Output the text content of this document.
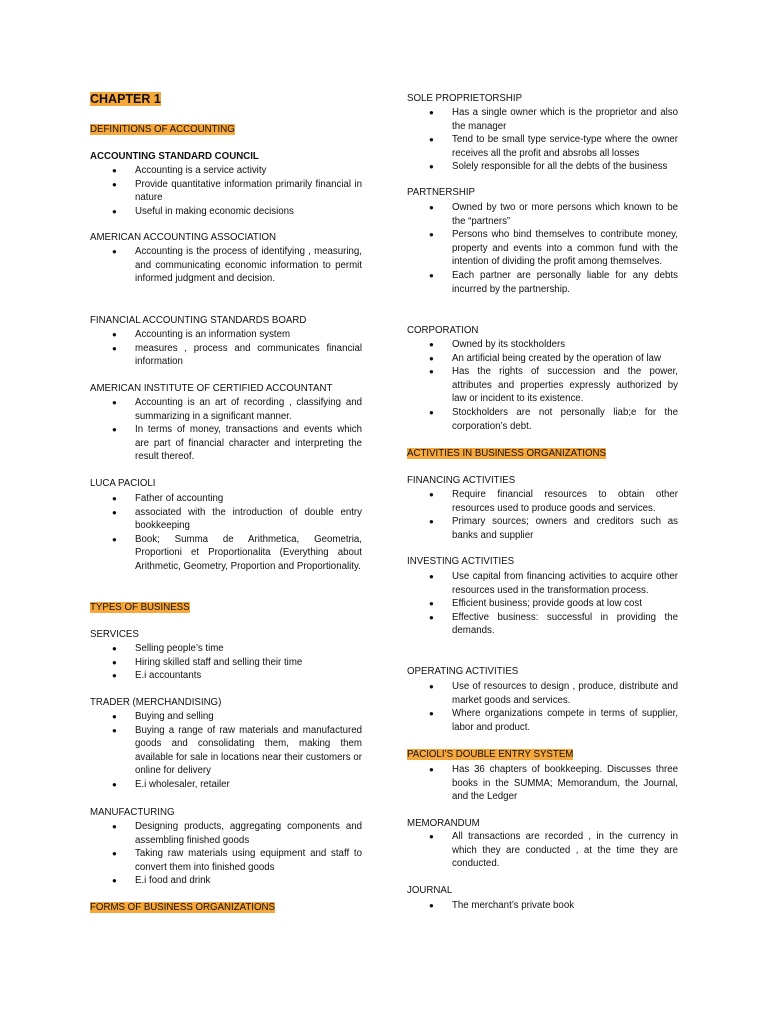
CHAPTER 1
DEFINITIONS OF ACCOUNTING
ACCOUNTING STANDARD COUNCIL
● Accounting is a service activity
● Provide quantitative information primarily financial in nature
● Useful in making economic decisions
AMERICAN ACCOUNTING ASSOCIATION
● Accounting is the process of identifying , measuring, and communicating economic information to permit informed judgment and decision.
FINANCIAL ACCOUNTING STANDARDS BOARD
● Accounting is an information system
● measures , process and communicates financial information
AMERICAN INSTITUTE OF CERTIFIED ACCOUNTANT
● Accounting is an art of recording , classifying and summarizing in a significant manner.
● In terms of money, transactions and events which are part of financial character and interpreting the result thereof.
LUCA PACIOLI
● Father of accounting
● associated with the introduction of double entry bookkeeping
● Book; Summa de Arithmetica, Geometria, Proportioni et Proportionalita (Everything about Arithmetic, Geometry, Proportion and Proportionality.
TYPES OF BUSINESS
SERVICES
● Selling people’s time
● Hiring skilled staff and selling their time
● E.i accountants
TRADER (MERCHANDISING)
● Buying and selling
● Buying a range of raw materials and manufactured goods and consolidating them, making them available for sale in locations near their customers or online for delivery
● E.i wholesaler, retailer
MANUFACTURING
● Designing products, aggregating components and assembling finished goods
● Taking raw materials using equipment and staff to convert them into finished goods
● E.i food and drink
FORMS OF BUSINESS ORGANIZATIONS
SOLE PROPRIETORSHIP
● Has a single owner which is the proprietor and also the manager
● Tend to be small type service-type where the owner receives all the profit and absrobs all losses
● Solely responsible for all the debts of the business
PARTNERSHIP
● Owned by two or more persons which known to be the “partners”
● Persons who bind themselves to contribute money, property and events into a common fund with the intention of dividing the profit among themselves.
● Each partner are personally liable for any debts incurred by the partnership.
CORPORATION
● Owned by its stockholders
● An artificial being created by the operation of law
● Has the rights of succession and the power, attributes and properties expressly authorized by law or incident to its existence.
● Stockholders are not personally liab;e for the corporation’s debt.
ACTIVITIES IN BUSINESS ORGANIZATIONS
FINANCING ACTIVITIES
● Require financial resources to obtain other resources used to produce goods and services.
● Primary sources; owners and creditors such as banks and supplier
INVESTING ACTIVITIES
● Use capital from financing activities to acquire other resources used in the transformation process.
● Efficient business; provide goods at low cost
● Effective business: successful in providing the demands.
OPERATING ACTIVITIES
● Use of resources to design , produce, distribute and market goods and services.
● Where organizations compete in terms of supplier, labor and product.
PACIOLI’S DOUBLE ENTRY SYSTEM
● Has 36 chapters of bookkeeping. Discusses three books in the SUMMA; Memorandum, the Journal, and the Ledger
MEMORANDUM
● All transactions are recorded , in the currency in which they are conducted , at the time they are conducted.
JOURNAL
● The merchant’s private book
